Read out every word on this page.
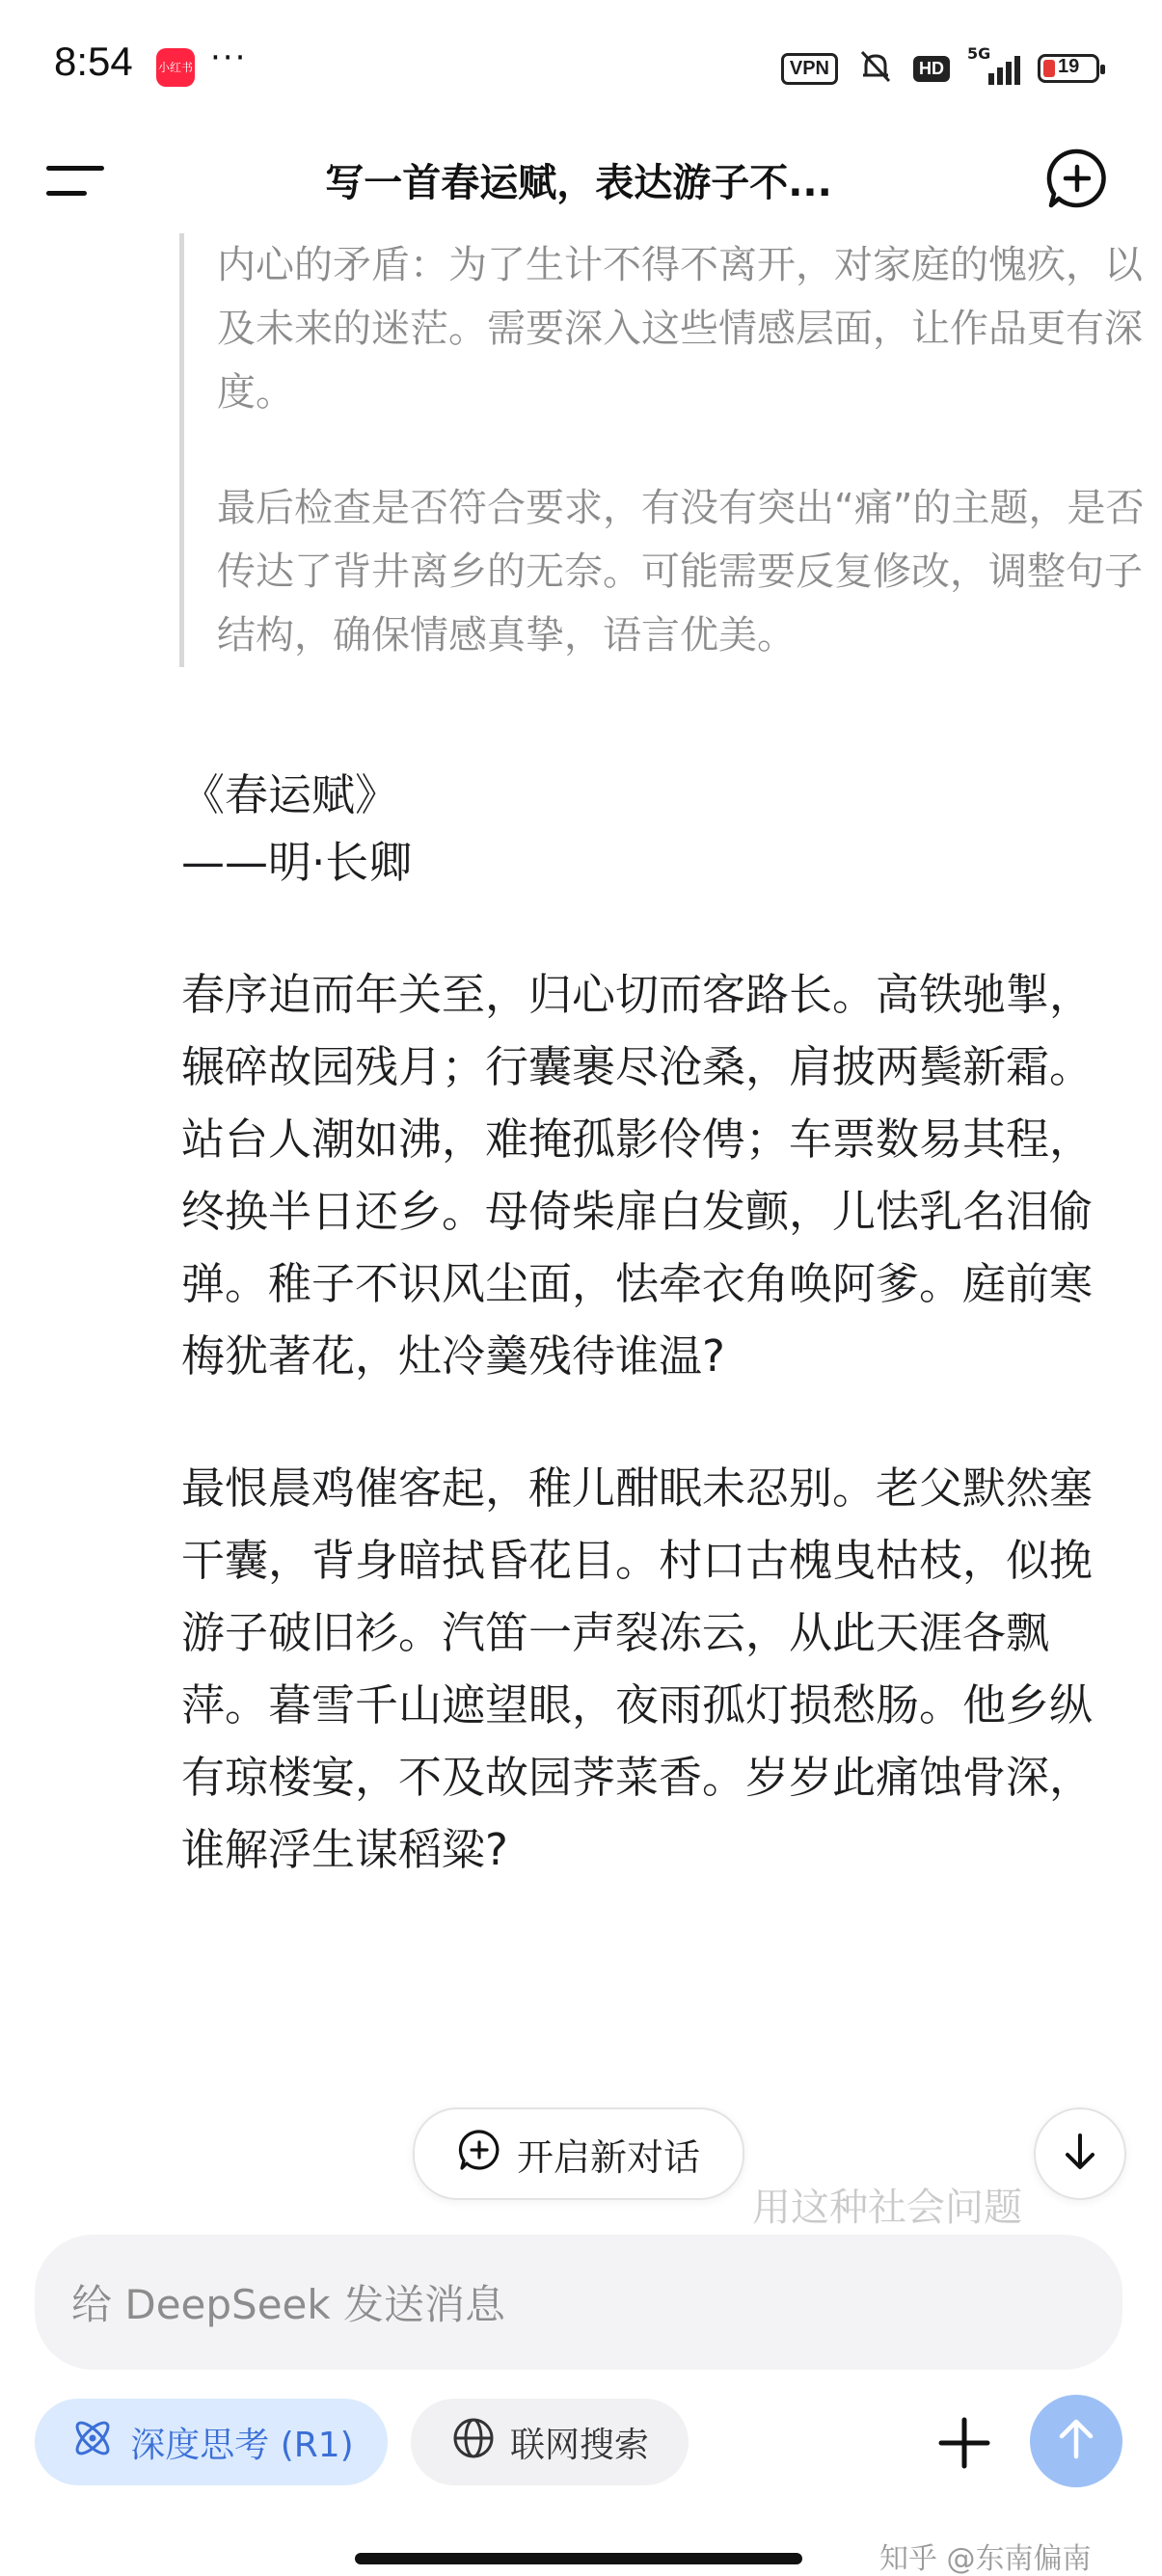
8:54 小红书 ···	VPN	HD
5G
19
写一首春运赋，表达游子不...

内心的矛盾：为了生计不得不离开，对家庭的愧疚，以及未来的迷茫。需要深入这些情感层面，让作品更有深度。

最后检查是否符合要求，有没有突出“痛”的主题，是否传达了背井离乡的无奈。可能需要反复修改，调整句子结构，确保情感真挚，语言优美。

《春运赋》
——明·长卿
春序迫而年关至，归心切而客路长。高铁驰掣，辗碎故园残月；行囊裹尽沧桑，肩披两鬓新霜。站台人潮如沸，难掩孤影伶俜；车票数易其程，终换半日还乡。母倚柴扉白发颤，儿怯乳名泪偷弹。稚子不识风尘面，怯牵衣角唤阿爹。庭前寒梅犹著花，灶冷羹残待谁温?
最恨晨鸡催客起，稚儿酣眠未忍别。老父默然塞干囊，背身暗拭昏花目。村口古槐曳枯枝，似挽游子破旧衫。汽笛一声裂冻云，从此天涯各飘萍。暮雪千山遮望眼，夜雨孤灯损愁肠。他乡纵有琼楼宴，不及故园荠菜香。岁岁此痛蚀骨深，谁解浮生谋稻粱?
用这种社会问题
开启新对话
给 DeepSeek 发送消息
深度思考 (R1)	联网搜索
知乎 @东南偏南
